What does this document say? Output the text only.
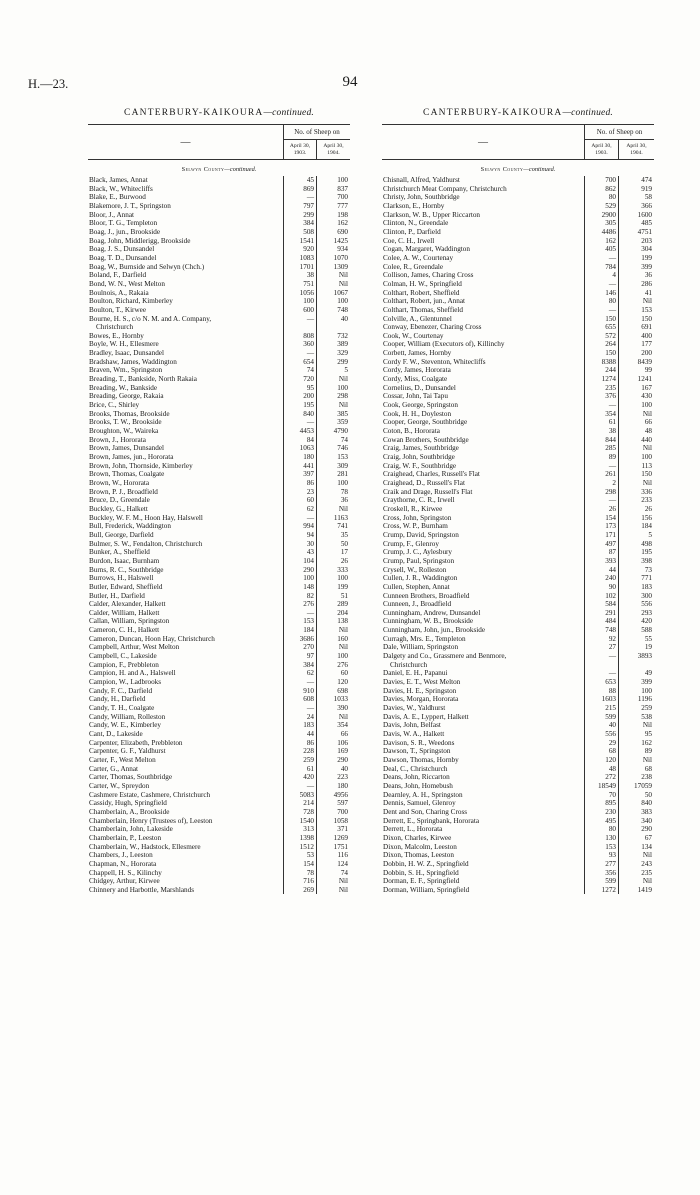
H.—23.	94
CANTERBURY-KAIKOURA—continued.
—
No. of Sheep on
April 30,
1903.
April 30,
1904.
Selwyn County—continued.
Black, James, Annat	45	100
Black, W., Whitecliffs	869	837
Blake, E., Burwood	—	700
Blakemore, J. T., Springston	797	777
Bloor, J., Annat	299	198
Bloor, T. G., Templeton	384	162
Boag, J., jun., Brookside	508	690
Boag, John, Middlerigg, Brookside	1541	1425
Boag, J. S., Dunsandel	920	934
Boag, T. D., Dunsandel	1083	1070
Boag, W., Burnside and Selwyn (Chch.)	1701	1309
Boland, F., Darfield	38	Nil
Bond, W. N., West Melton	751	Nil
Boulnois, A., Rakaia	1056	1067
Boulton, Richard, Kimberley	100	100
Boulton, T., Kirwee	600	748
Bourne, H. S., c/o N. M. and A. Company,	—	40
Christchurch
Bowes, E., Hornby	808	732
Boyle, W. H., Ellesmere	360	389
Bradley, Isaac, Dunsandel	—	329
Bradshaw, James, Waddington	654	299
Braven, Wm., Springston	74	5
Breading, T., Bankside, North Rakaia	720	Nil
Breading, W., Bankside	95	100
Breading, George, Rakaia	200	298
Brice, C., Shirley	195	Nil
Brooks, Thomas, Brookside	840	385
Brooks, T. W., Brookside	—	359
Broughton, W., Waireka	4453	4790
Brown, J., Hororata	84	74
Brown, James, Dunsandel	1063	746
Brown, James, jun., Hororata	180	153
Brown, John, Thornside, Kimberley	441	309
Brown, Thomas, Coalgate	397	281
Brown, W., Hororata	86	100
Brown, P. J., Broadfield	23	78
Bruce, D., Greendale	60	36
Buckley, G., Halkett	62	Nil
Buckley, W. F. M., Hoon Hay, Halswell	—	1163
Bull, Frederick, Waddington	994	741
Bull, George, Darfield	94	35
Bulmer, S. W., Fendalton, Christchurch	30	50
Bunker, A., Sheffield	43	17
Burdon, Isaac, Burnham	104	26
Burns, R. C., Southbridge	290	333
Burrows, H., Halswell	100	100
Butler, Edward, Sheffield	148	199
Butler, H., Darfield	82	51
Calder, Alexander, Halkett	276	289
Calder, William, Halkett	—	204
Callan, William, Springston	153	138
Cameron, C. H., Halkett	184	Nil
Cameron, Duncan, Hoon Hay, Christchurch	3686	160
Campbell, Arthur, West Melton	270	Nil
Campbell, C., Lakeside	97	100
Campion, F., Prebbleton	384	276
Campion, H. and A., Halswell	62	60
Campion, W., Ladbrooks	—	120
Candy, F. C., Darfield	910	698
Candy, H., Darfield	608	1033
Candy, T. H., Coalgate	—	390
Candy, William, Rolleston	24	Nil
Candy, W. E., Kimberley	183	354
Cant, D., Lakeside	44	66
Carpenter, Elizabeth, Prebbleton	86	106
Carpenter, G. F., Yaldhurst	228	169
Carter, F., West Melton	259	290
Carter, G., Annat	61	40
Carter, Thomas, Southbridge	420	223
Carter, W., Spreydon	—	180
Cashmere Estate, Cashmere, Christchurch	5083	4956
Cassidy, Hugh, Springfield	214	597
Chamberlain, A., Brookside	728	700
Chamberlain, Henry (Trustees of), Leeston	1540	1058
Chamberlain, John, Lakeside	313	371
Chamberlain, P., Leeston	1398	1269
Chamberlain, W., Hadstock, Ellesmere	1512	1751
Chambers, J., Leeston	53	116
Chapman, N., Hororata	154	124
Chappell, H. S., Kilinchy	78	74
Chidgey, Arthur, Kirwee	716	Nil
Chinnery and Harbottle, Marshlands	269	Nil
CANTERBURY-KAIKOURA—continued.
—
No. of Sheep on
April 30,
1903.
April 30,
1904.
Selwyn County—continued.
Chisnall, Alfred, Yaldhurst	700	474
Christchurch Meat Company, Christchurch	862	919
Christy, John, Southbridge	80	58
Clarkson, E., Hornby	529	366
Clarkson, W. B., Upper Riccarton	2900	1600
Clinton, N., Greendale	305	485
Clinton, P., Darfield	4486	4751
Coe, C. H., Irwell	162	203
Cogan, Margaret, Waddington	405	304
Colee, A. W., Courtenay	—	199
Colee, R., Greendale	784	399
Collison, James, Charing Cross	4	36
Colman, H. W., Springfield	—	286
Colthart, Robert, Sheffield	146	41
Colthart, Robert, jun., Annat	80	Nil
Colthart, Thomas, Sheffield	—	153
Colville, A., Glentunnel	150	150
Conway, Ebenezer, Charing Cross	655	691
Cook, W., Courtenay	572	400
Cooper, William (Executors of), Killinchy	264	177
Corbett, James, Hornby	150	200
Cordy F. W., Steventon, Whitecliffs	8388	8439
Cordy, James, Hororata	244	99
Cordy, Miss, Coalgate	1274	1241
Cornelius, D., Dunsandel	235	167
Cossar, John, Tai Tapu	376	430
Cook, George, Springston	—	100
Cook, H. H., Doyleston	354	Nil
Cooper, George, Southbridge	61	66
Coton, B., Hororata	38	48
Cowan Brothers, Southbridge	844	440
Craig, James, Southbridge	285	Nil
Craig, John, Southbridge	89	100
Craig, W. F., Southbridge	—	113
Craighead, Charles, Russell's Flat	261	150
Craighead, D., Russell's Flat	2	Nil
Craik and Drage, Russell's Flat	298	336
Craythorne, C. R., Irwell	—	233
Croskell, R., Kirwee	26	26
Cross, John, Springston	154	156
Cross, W. P., Burnham	173	184
Crump, David, Springston	171	5
Crump, F., Glenroy	497	498
Crump, J. C., Aylesbury	87	195
Crump, Paul, Springston	393	398
Crysell, W., Rolleston	44	73
Cullen, J. R., Waddington	240	771
Cullen, Stephen, Annat	90	183
Cunneen Brothers, Broadfield	102	300
Cunneen, J., Broadfield	584	556
Cunningham, Andrew, Dunsandel	291	293
Cunningham, W. B., Brookside	484	420
Cunningham, John, jun., Brookside	748	588
Curragh, Mrs. E., Templeton	92	55
Dale, William, Springston	27	19
Dalgety and Co., Grassmere and Benmore,	—	3893
Christchurch
Daniel, E. H., Papanui	—	49
Davies, E. T., West Melton	653	399
Davies, H. E., Springston	88	100
Davies, Morgan, Hororata	1603	1196
Davies, W., Yaldhurst	215	259
Davis, A. E., Lyppert, Halkett	599	538
Davis, John, Belfast	40	Nil
Davis, W. A., Halkett	556	95
Davison, S. R., Weedons	29	162
Dawson, T., Springston	68	89
Dawson, Thomas, Hornby	120	Nil
Deal, C., Christchurch	48	68
Deans, John, Riccarton	272	238
Deans, John, Homebush	18549	17059
Dearnley, A. H., Springston	70	50
Dennis, Samuel, Glenroy	895	840
Dent and Son, Charing Cross	230	383
Derrett, E., Springbank, Hororata	495	340
Derrett, L., Hororata	80	290
Dixon, Charles, Kirwee	130	67
Dixon, Malcolm, Leeston	153	134
Dixon, Thomas, Leeston	93	Nil
Dobbin, H. W. Z., Springfield	277	243
Dobbin, S. H., Springfield	356	235
Dorman, E. F., Springfield	599	Nil
Dorman, William, Springfield	1272	1419
